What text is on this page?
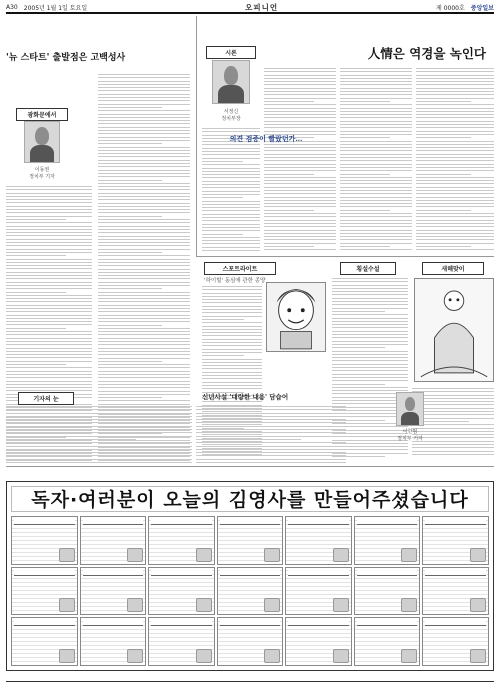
A30 2005년 1월 1일 토요일	오피니언	제 0000호 중앙일보
'뉴 스타트' 출발점은 고백성사
광화문에서
이동권
정치부 기자
시론
서정신
정치부장
人情은 역경을 녹인다
의견 검증이 빨랐던가…
스포트라이트
'하이힐' 동심에 관한 종양
횡설수설	새해맞이
기자의 눈	신년사설 '대량한 내용' 담습어
이한범
정치부 기자
독자·여러분이 오늘의 김영사를 만들어주셨습니다
